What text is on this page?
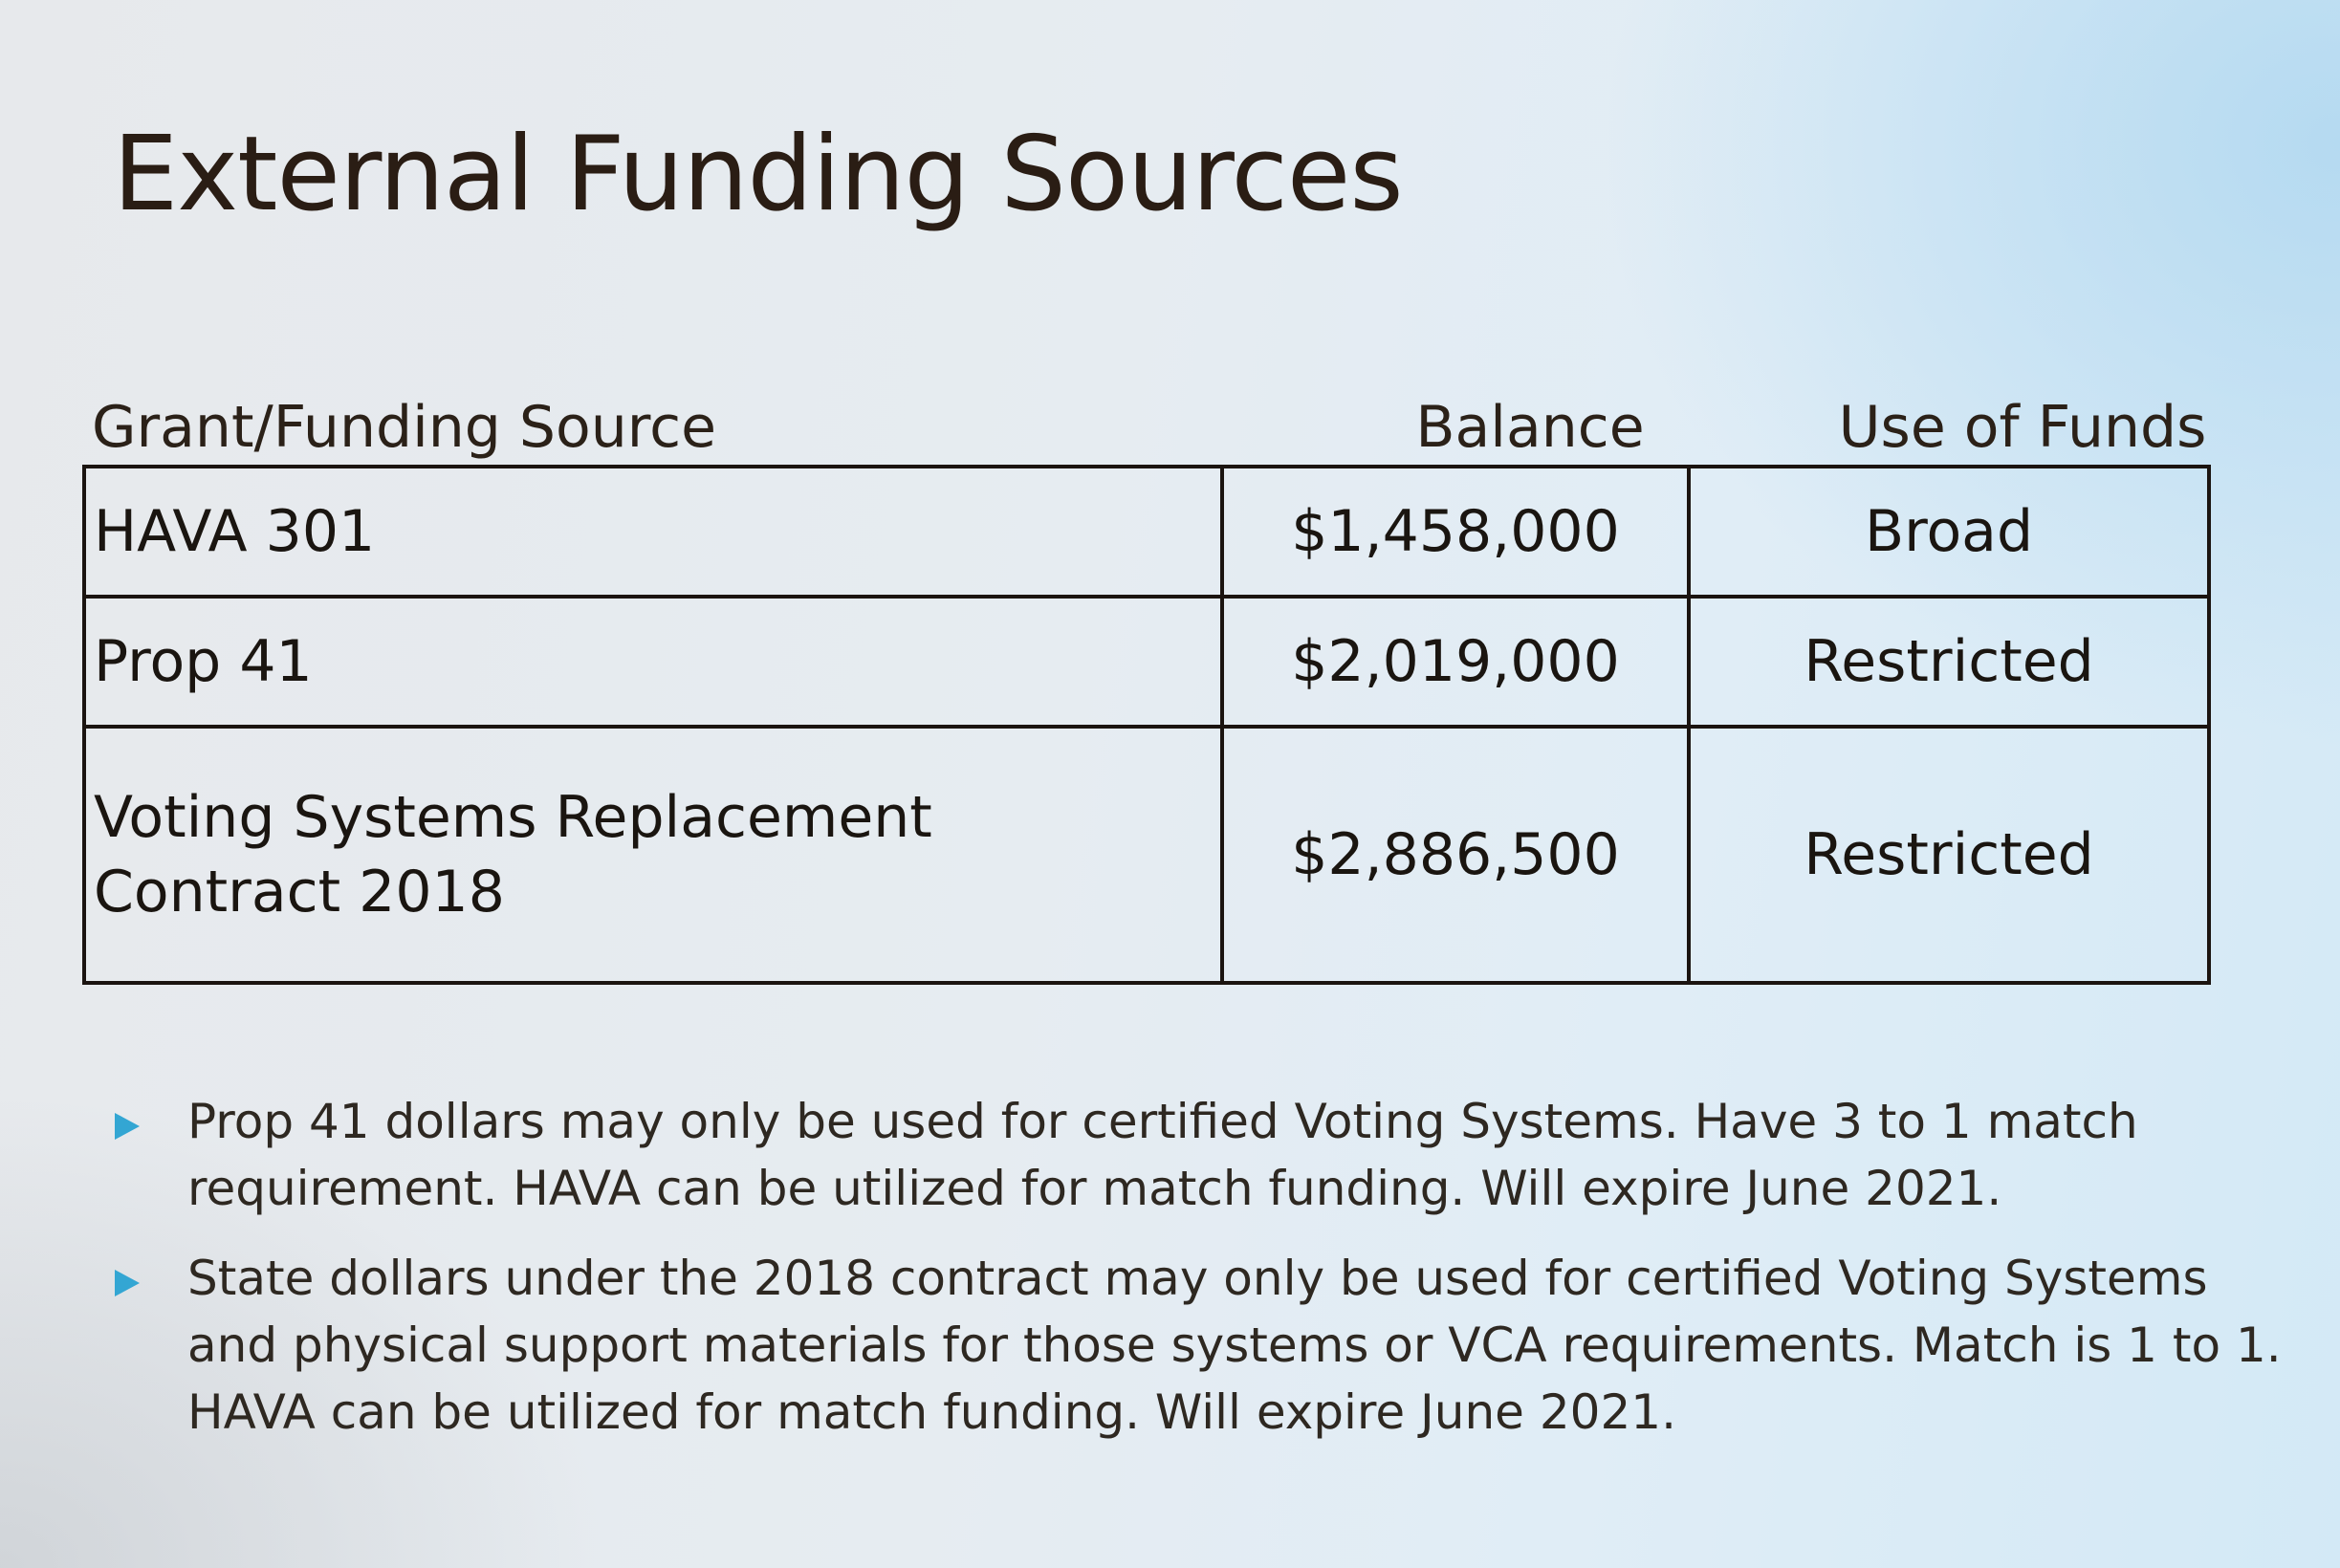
External Funding Sources
Grant/Funding Source	Balance	Use of Funds
HAVA 301	$1,458,000	Broad
Prop 41	$2,019,000	Restricted

Voting Systems Replacement
Contract 2018	$2,886,500	Restricted
Prop 41 dollars may only be used for certified Voting Systems. Have 3 to 1 match requirement. HAVA can be utilized for match funding. Will expire June 2021.
State dollars under the 2018 contract may only be used for certified Voting Systems and physical support materials for those systems or VCA requirements. Match is 1 to 1. HAVA can be utilized for match funding. Will expire June 2021.
